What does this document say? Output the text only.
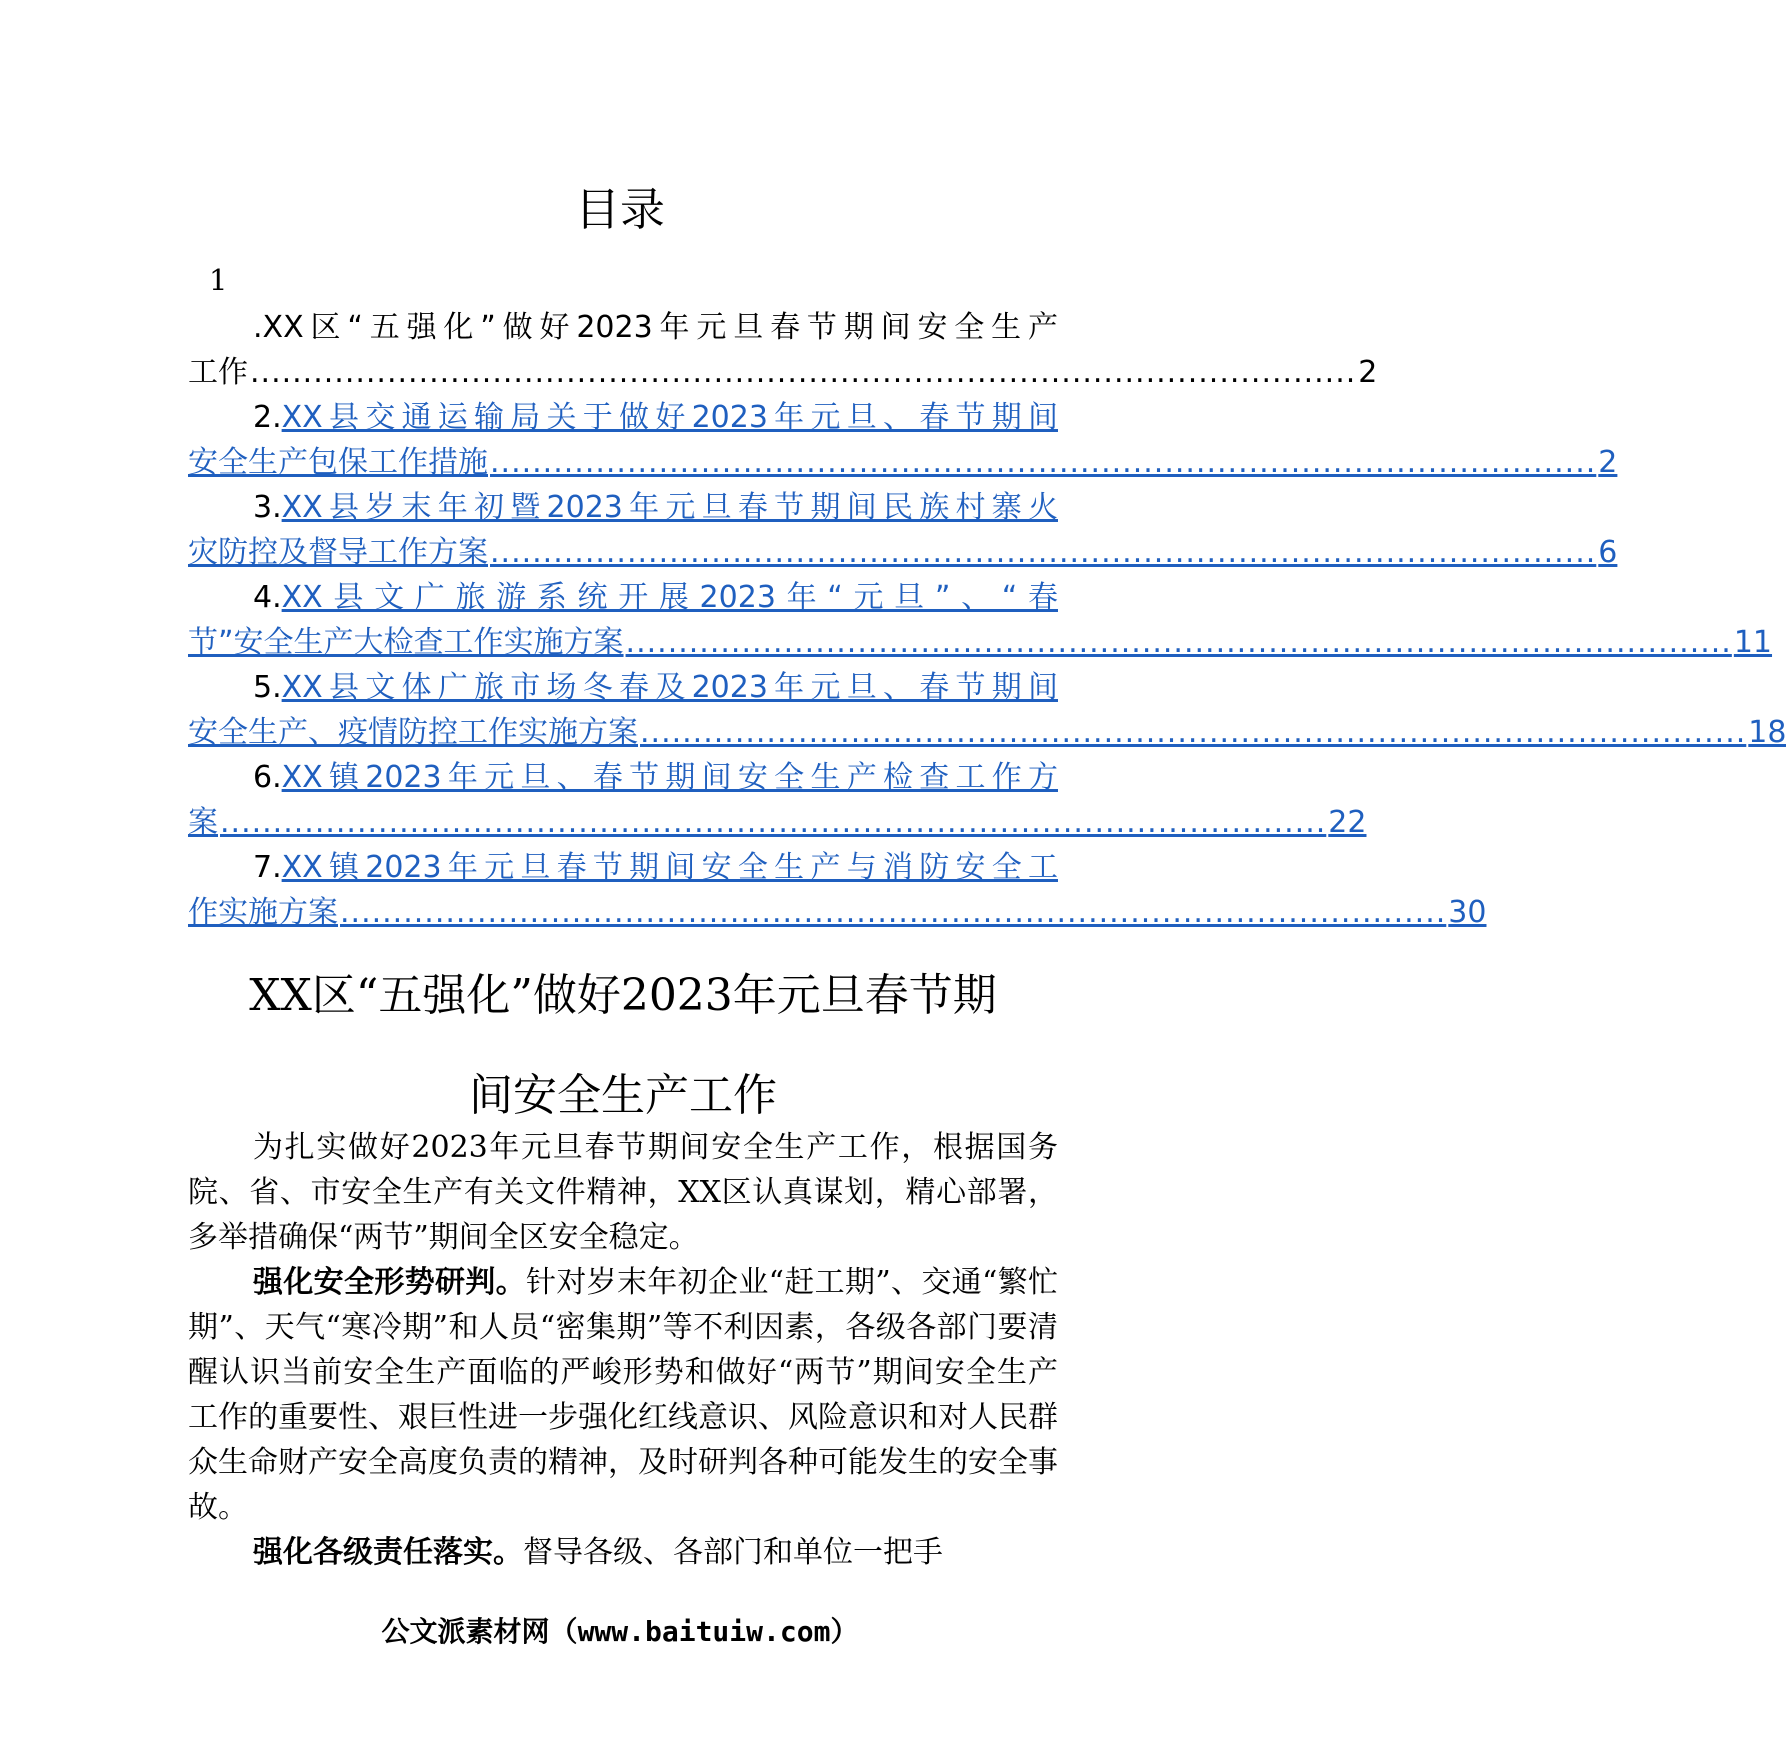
目录
1
.XX区“五强化”做好2023年元旦春节期间安全生产
工作 ......................................................................................................... 2
2.XX县交通运输局关于做好2023年元旦、春节期间
安全生产包保工作措施 ......................................................................................................... 2
3.XX县岁末年初暨2023年元旦春节期间民族村寨火
灾防控及督导工作方案 ......................................................................................................... 6
4.XX县文广旅游系统开展2023年“元旦”、“春
节”安全生产大检查工作实施方案 ......................................................................................................... 11
5.XX县文体广旅市场冬春及2023年元旦、春节期间
安全生产、疫情防控工作实施方案 ......................................................................................................... 18
6.XX镇2023年元旦、春节期间安全生产检查工作方
案 ......................................................................................................... 22
7.XX镇2023年元旦春节期间安全生产与消防安全工
作实施方案 ......................................................................................................... 30
XX区“五强化”做好2023年元旦春节期
间安全生产工作

为扎实做好2023年元旦春节期间安全生产工作，根据国务院、省、市安全生产有关文件精神，XX区认真谋划，精心部署，多举措确保“两节”期间全区安全稳定。

强化安全形势研判。针对岁末年初企业“赶工期”、交通“繁忙期”、天气“寒冷期”和人员“密集期”等不利因素，各级各部门要清醒认识当前安全生产面临的严峻形势和做好“两节”期间安全生产工作的重要性、艰巨性进一步强化红线意识、风险意识和对人民群众生命财产安全高度负责的精神，及时研判各种可能发生的安全事故。

强化各级责任落实。督导各级、各部门和单位一把手

公文派素材网（www.baituiw.com）
